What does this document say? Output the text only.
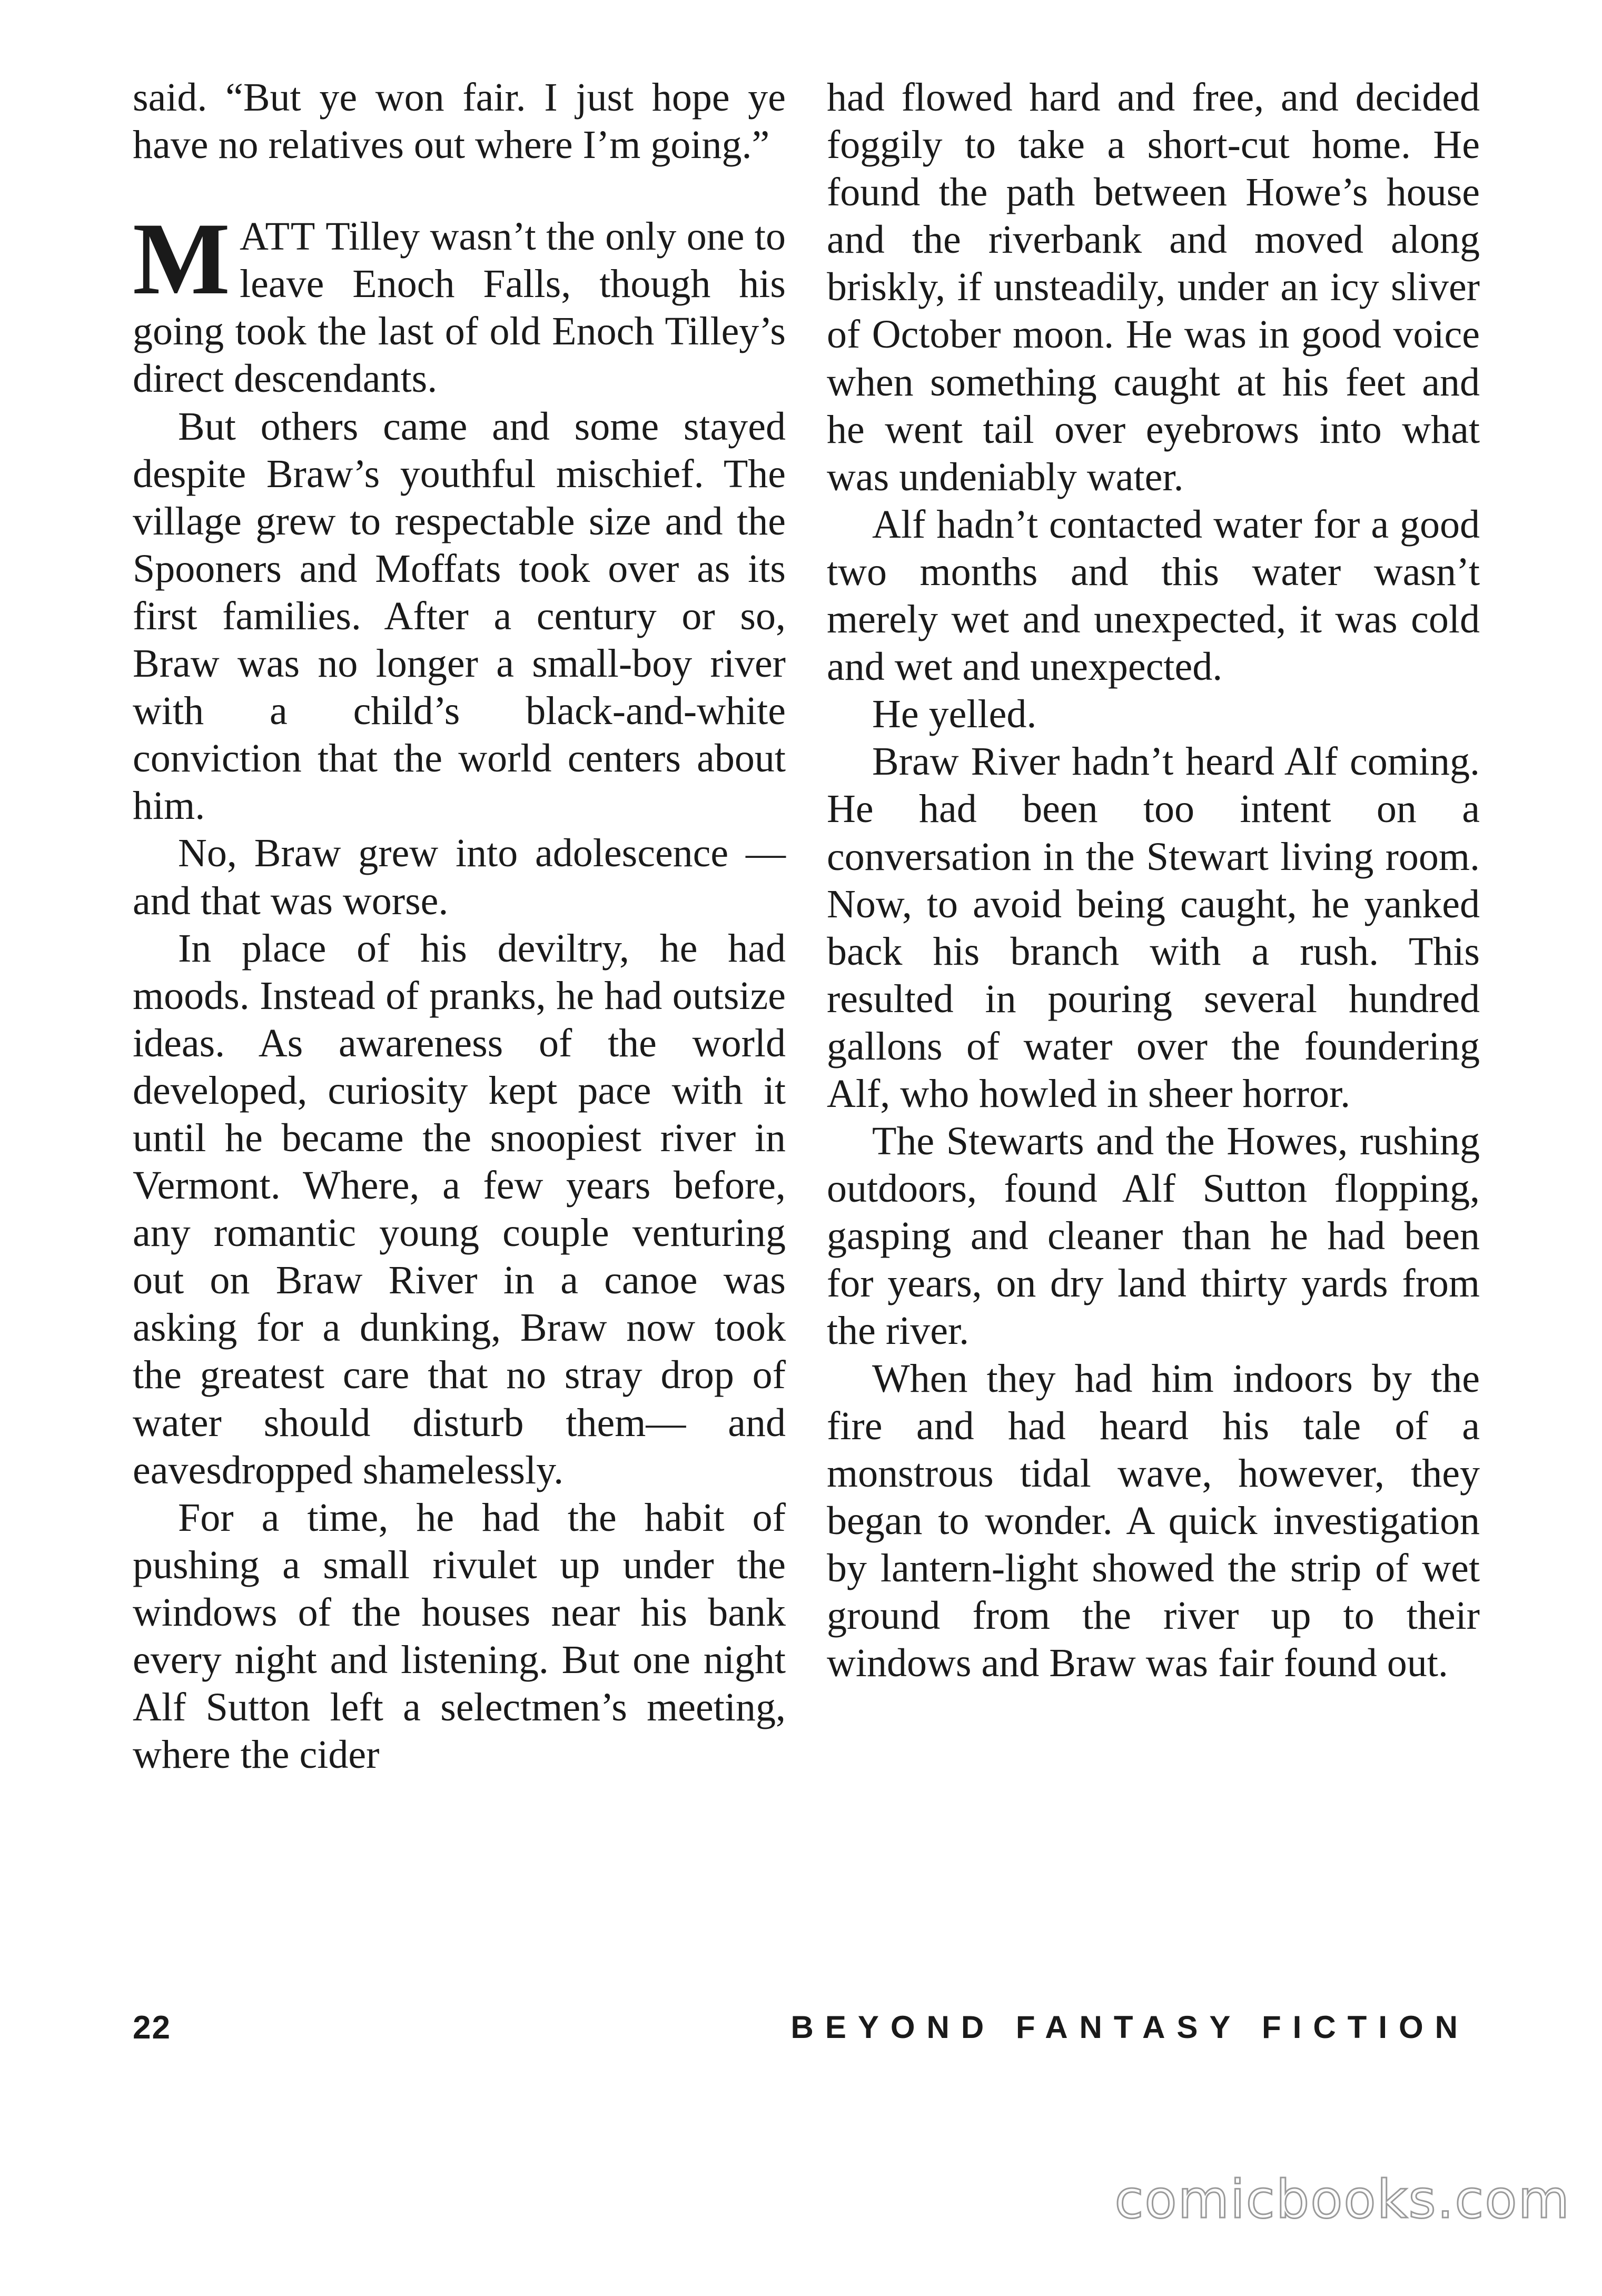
said. “But ye won fair. I just hope ye have no relatives out where I’m going.”

MATT Tilley wasn’t the only one to leave Enoch Falls, though his going took the last of old Enoch Tilley’s direct descendants.

But others came and some stayed despite Braw’s youthful mischief. The village grew to respectable size and the Spooners and Moffats took over as its first families. After a century or so, Braw was no longer a small-boy river with a child’s black-and-white conviction that the world centers about him.

No, Braw grew into adolescence —and that was worse.

In place of his deviltry, he had moods. Instead of pranks, he had outsize ideas. As awareness of the world developed, curiosity kept pace with it until he became the snoopiest river in Vermont. Where, a few years before, any romantic young couple venturing out on Braw River in a canoe was asking for a dunking, Braw now took the greatest care that no stray drop of water should disturb them— and eavesdropped shamelessly.

For a time, he had the habit of pushing a small rivulet up under the windows of the houses near his bank every night and listening. But one night Alf Sutton left a selectmen’s meeting, where the cider

had flowed hard and free, and decided foggily to take a short-cut home. He found the path between Howe’s house and the riverbank and moved along briskly, if unsteadily, under an icy sliver of October moon. He was in good voice when something caught at his feet and he went tail over eyebrows into what was undeniably water.

Alf hadn’t contacted water for a good two months and this water wasn’t merely wet and unexpected, it was cold and wet and unexpected.

He yelled.

Braw River hadn’t heard Alf coming. He had been too intent on a conversation in the Stewart living room. Now, to avoid being caught, he yanked back his branch with a rush. This resulted in pouring several hundred gallons of water over the foundering Alf, who howled in sheer horror.

The Stewarts and the Howes, rushing outdoors, found Alf Sutton flopping, gasping and cleaner than he had been for years, on dry land thirty yards from the river.

When they had him indoors by the fire and had heard his tale of a monstrous tidal wave, however, they began to wonder. A quick investigation by lantern-light showed the strip of wet ground from the river up to their windows and Braw was fair found out.

22	BEYOND FANTASY FICTION
comicbooks.com
